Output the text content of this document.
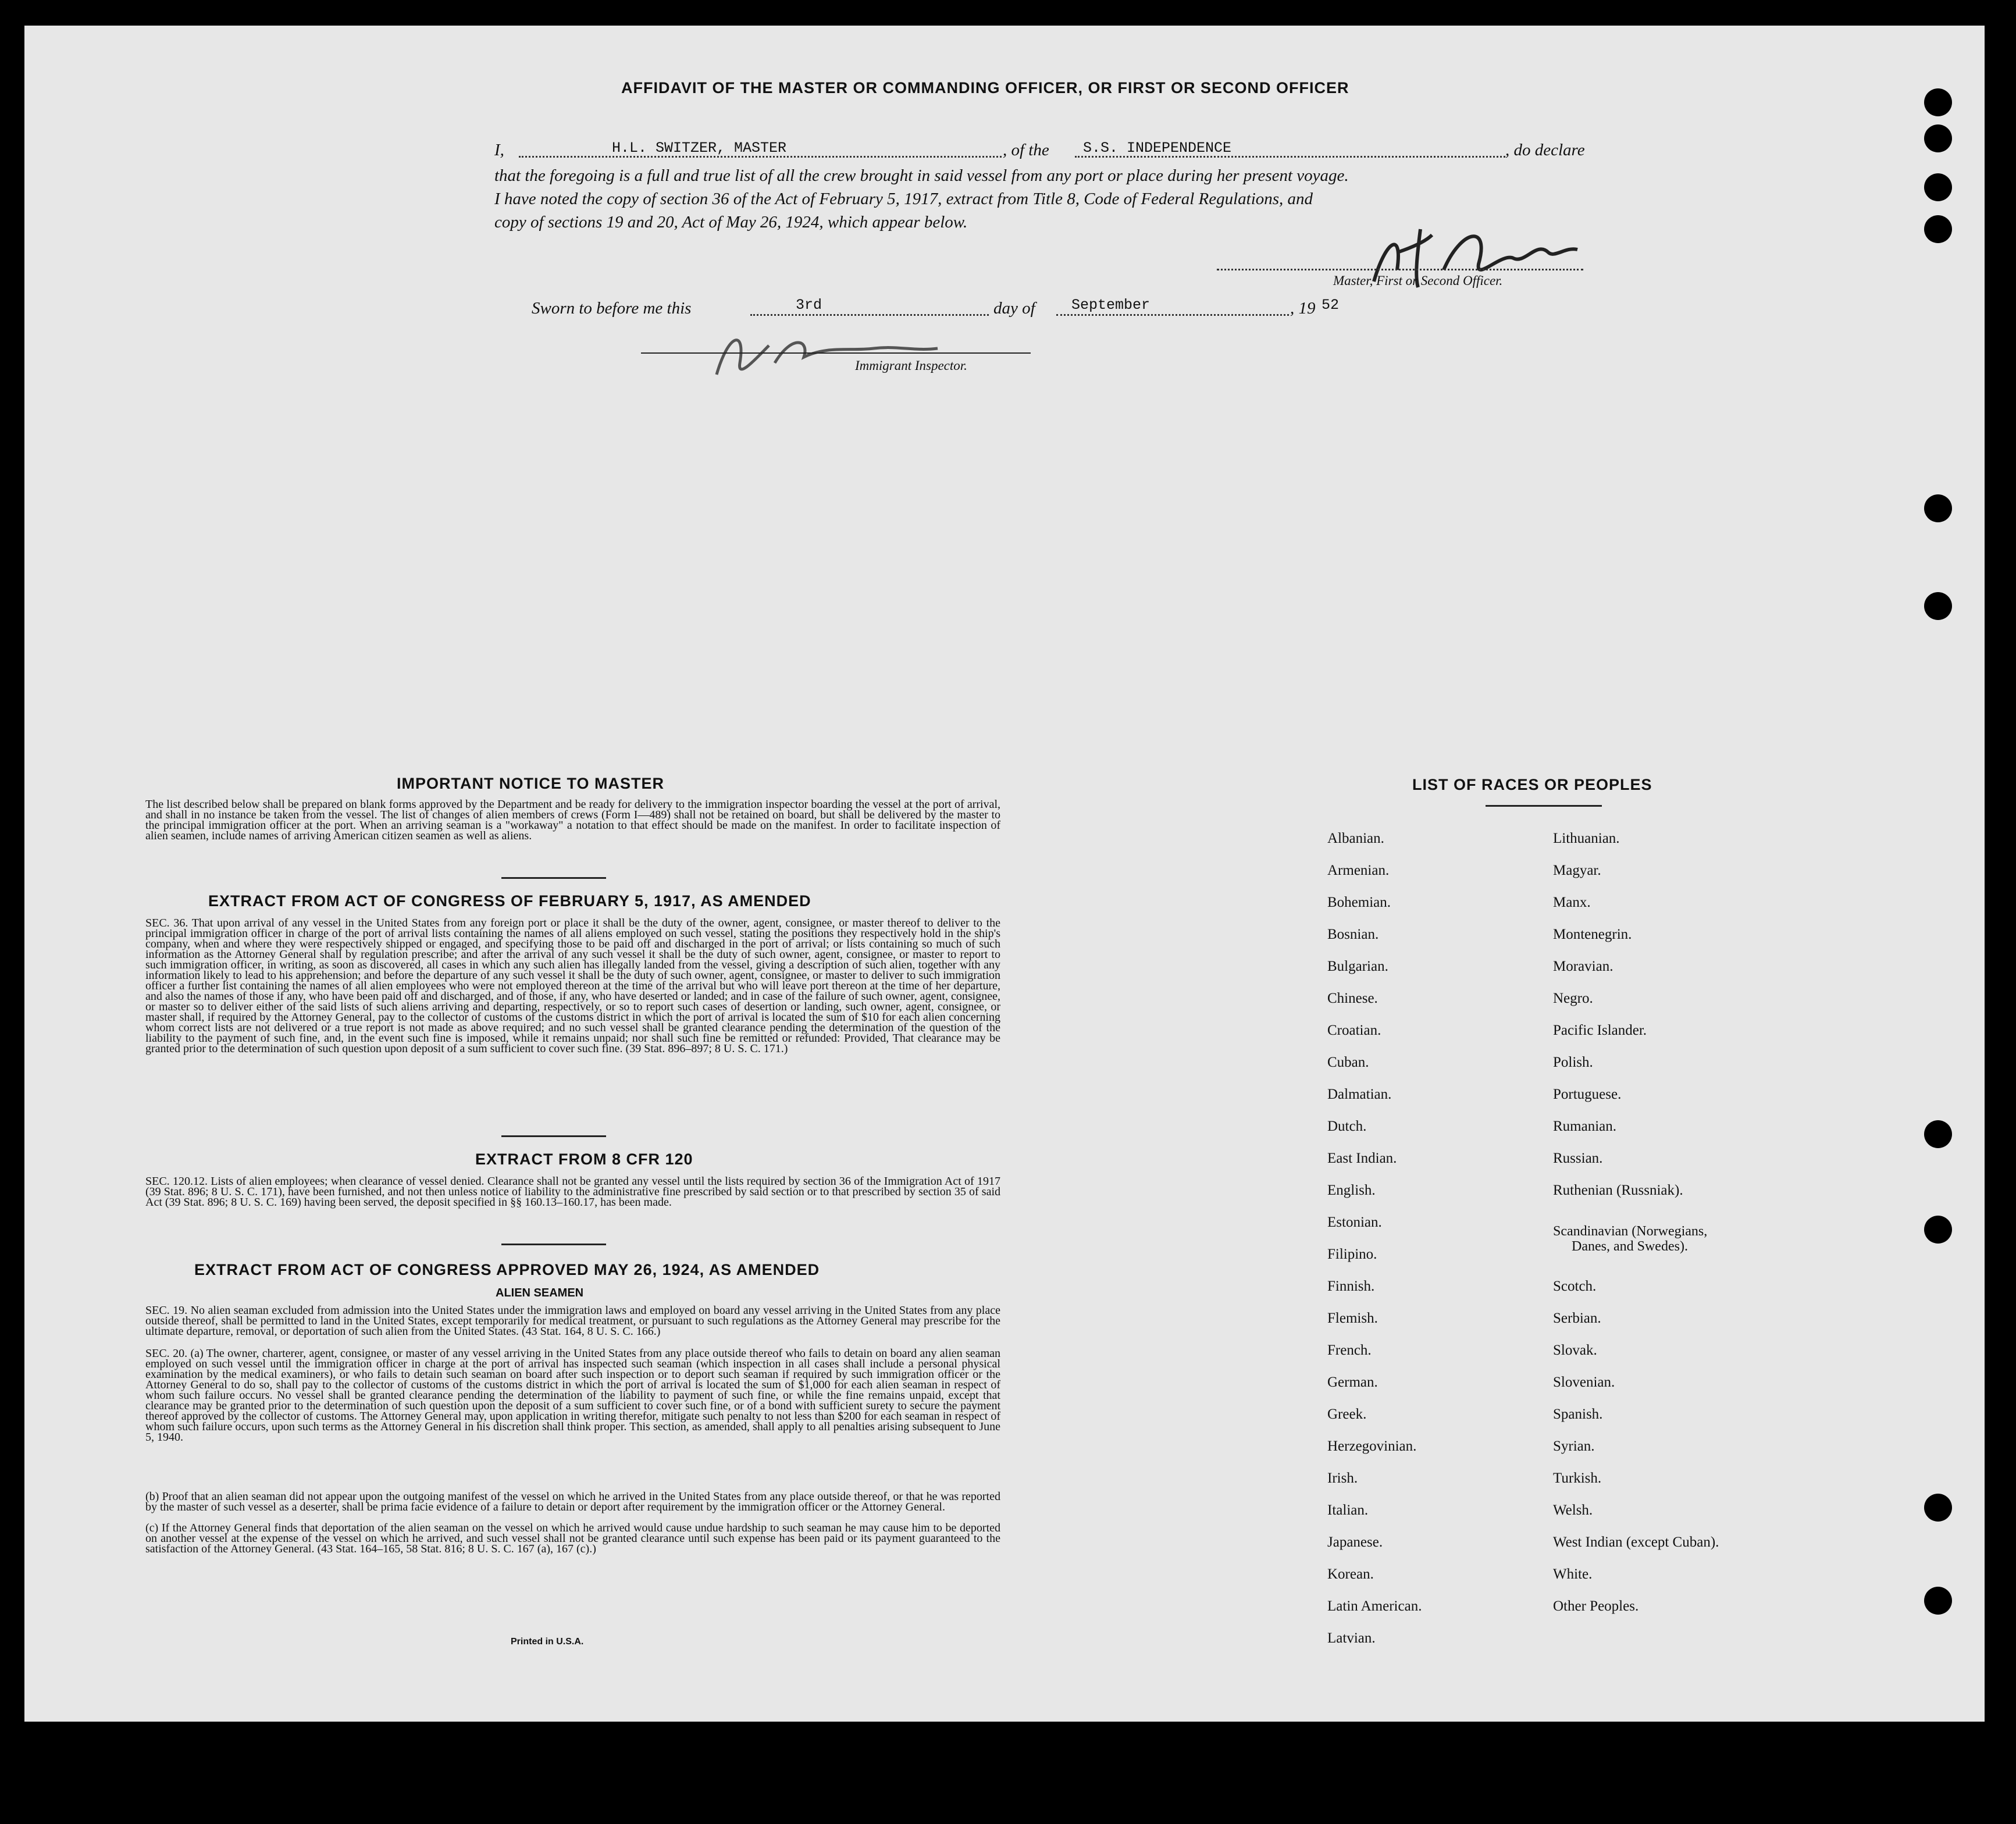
AFFIDAVIT OF THE MASTER OR COMMANDING OFFICER, OR FIRST OR SECOND OFFICER
I,	H.L. SWITZER, MASTER	, of the S.S. INDEPENDENCE	, do declare
that the foregoing is a full and true list of all the crew brought in said vessel from any port or place during her present voyage.
I have noted the copy of section 36 of the Act of February 5, 1917, extract from Title 8, Code of Federal Regulations, and
copy of sections 19 and 20, Act of May 26, 1924, which appear below.
Master, First or Second Officer.
Sworn to before me this	3rd	day of September	, 19 52
Immigrant Inspector.
IMPORTANT NOTICE TO MASTER
The list described below shall be prepared on blank forms approved by the Department and be ready for delivery to the immigration inspector boarding the vessel at the port of arrival, and shall in no instance be taken from the vessel. The list of changes of alien members of crews (Form I—489) shall not be retained on board, but shall be delivered by the master to the principal immigration officer at the port. When an arriving seaman is a "workaway" a notation to that effect should be made on the manifest. In order to facilitate inspection of alien seamen, include names of arriving American citizen seamen as well as aliens.
EXTRACT FROM ACT OF CONGRESS OF FEBRUARY 5, 1917, AS AMENDED
SEC. 36. That upon arrival of any vessel in the United States from any foreign port or place it shall be the duty of the owner, agent, consignee, or master thereof to deliver to the principal immigration officer in charge of the port of arrival lists containing the names of all aliens employed on such vessel, stating the positions they respectively hold in the ship's company, when and where they were respectively shipped or engaged, and specifying those to be paid off and discharged in the port of arrival; or lists containing so much of such information as the Attorney General shall by regulation prescribe; and after the arrival of any such vessel it shall be the duty of such owner, agent, consignee, or master to report to such immigration officer, in writing, as soon as discovered, all cases in which any such alien has illegally landed from the vessel, giving a description of such alien, together with any information likely to lead to his apprehension; and before the departure of any such vessel it shall be the duty of such owner, agent, consignee, or master to deliver to such immigration officer a further list containing the names of all alien employees who were not employed thereon at the time of the arrival but who will leave port thereon at the time of her departure, and also the names of those if any, who have been paid off and discharged, and of those, if any, who have deserted or landed; and in case of the failure of such owner, agent, consignee, or master so to deliver either of the said lists of such aliens arriving and departing, respectively, or so to report such cases of desertion or landing, such owner, agent, consignee, or master shall, if required by the Attorney General, pay to the collector of customs of the customs district in which the port of arrival is located the sum of $10 for each alien concerning whom correct lists are not delivered or a true report is not made as above required; and no such vessel shall be granted clearance pending the determination of the question of the liability to the payment of such fine, and, in the event such fine is imposed, while it remains unpaid; nor shall such fine be remitted or refunded: Provided, That clearance may be granted prior to the determination of such question upon deposit of a sum sufficient to cover such fine. (39 Stat. 896–897; 8 U. S. C. 171.)
EXTRACT FROM 8 CFR 120
SEC. 120.12. Lists of alien employees; when clearance of vessel denied. Clearance shall not be granted any vessel until the lists required by section 36 of the Immigration Act of 1917 (39 Stat. 896; 8 U. S. C. 171), have been furnished, and not then unless notice of liability to the administrative fine prescribed by said section or to that prescribed by section 35 of said Act (39 Stat. 896; 8 U. S. C. 169) having been served, the deposit specified in §§ 160.13–160.17, has been made.
EXTRACT FROM ACT OF CONGRESS APPROVED MAY 26, 1924, AS AMENDED
ALIEN SEAMEN
SEC. 19. No alien seaman excluded from admission into the United States under the immigration laws and employed on board any vessel arriving in the United States from any place outside thereof, shall be permitted to land in the United States, except temporarily for medical treatment, or pursuant to such regulations as the Attorney General may prescribe for the ultimate departure, removal, or deportation of such alien from the United States. (43 Stat. 164, 8 U. S. C. 166.)
SEC. 20. (a) The owner, charterer, agent, consignee, or master of any vessel arriving in the United States from any place outside thereof who fails to detain on board any alien seaman employed on such vessel until the immigration officer in charge at the port of arrival has inspected such seaman (which inspection in all cases shall include a personal physical examination by the medical examiners), or who fails to detain such seaman on board after such inspection or to deport such seaman if required by such immigration officer or the Attorney General to do so, shall pay to the collector of customs of the customs district in which the port of arrival is located the sum of $1,000 for each alien seaman in respect of whom such failure occurs. No vessel shall be granted clearance pending the determination of the liability to payment of such fine, or while the fine remains unpaid, except that clearance may be granted prior to the determination of such question upon the deposit of a sum sufficient to cover such fine, or of a bond with sufficient surety to secure the payment thereof approved by the collector of customs. The Attorney General may, upon application in writing therefor, mitigate such penalty to not less than $200 for each seaman in respect of whom such failure occurs, upon such terms as the Attorney General in his discretion shall think proper. This section, as amended, shall apply to all penalties arising subsequent to June 5, 1940.
(b) Proof that an alien seaman did not appear upon the outgoing manifest of the vessel on which he arrived in the United States from any place outside thereof, or that he was reported by the master of such vessel as a deserter, shall be prima facie evidence of a failure to detain or deport after requirement by the immigration officer or the Attorney General.
(c) If the Attorney General finds that deportation of the alien seaman on the vessel on which he arrived would cause undue hardship to such seaman he may cause him to be deported on another vessel at the expense of the vessel on which he arrived, and such vessel shall not be granted clearance until such expense has been paid or its payment guaranteed to the satisfaction of the Attorney General. (43 Stat. 164–165, 58 Stat. 816; 8 U. S. C. 167 (a), 167 (c).)
Printed in U.S.A.
LIST OF RACES OR PEOPLES
Albanian.
Armenian.
Bohemian.
Bosnian.
Bulgarian.
Chinese.
Croatian.
Cuban.
Dalmatian.
Dutch.
East Indian.
English.
Estonian.
Filipino.
Finnish.
Flemish.
French.
German.
Greek.
Herzegovinian.
Irish.
Italian.
Japanese.
Korean.
Latin American.
Latvian.
Lithuanian.
Magyar.
Manx.
Montenegrin.
Moravian.
Negro.
Pacific Islander.
Polish.
Portuguese.
Rumanian.
Russian.
Ruthenian (Russniak).
Scandinavian (Norwegians,
Danes, and Swedes).
Scotch.
Serbian.
Slovak.
Slovenian.
Spanish.
Syrian.
Turkish.
Welsh.
West Indian (except Cuban).
White.
Other Peoples.
